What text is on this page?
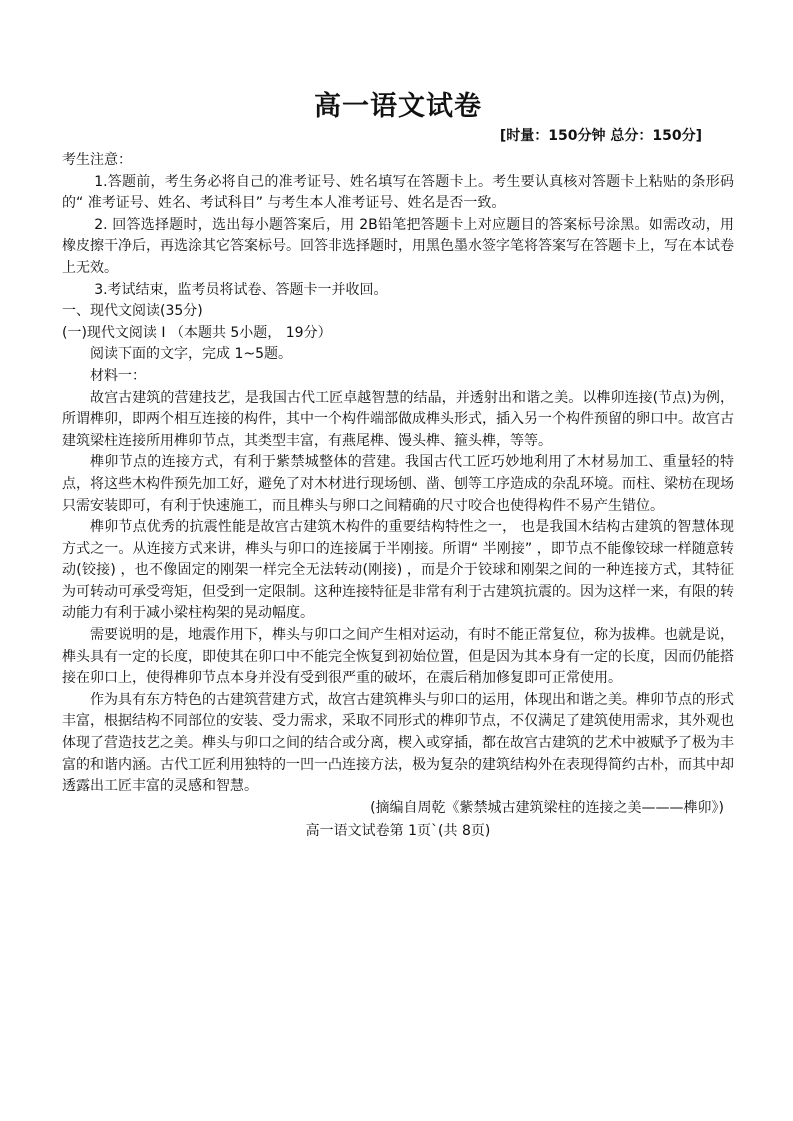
高一语文试卷
[时量：150分钟 总分：150分]

考生注意：

1.答题前，考生务必将自己的准考证号、姓名填写在答题卡上。考生要认真核对答题卡上粘贴的条形码的“ 准考证号、姓名、考试科目” 与考生本人准考证号、姓名是否一致。

2. 回答选择题时，选出每小题答案后，用 2B铅笔把答题卡上对应题目的答案标号涂黑。如需改动，用橡皮擦干净后，再选涂其它答案标号。回答非选择题时，用黑色墨水签字笔将答案写在答题卡上，写在本试卷上无效。

3.考试结束，监考员将试卷、答题卡一并收回。

一、现代文阅读(35分)

(一)现代文阅读 I （本题共 5小题， 19分）

阅读下面的文字，完成 1~5题。

材料一：

故宫古建筑的营建技艺，是我国古代工匠卓越智慧的结晶，并透射出和谐之美。以榫卯连接(节点)为例，所谓榫卯，即两个相互连接的构件，其中一个构件端部做成榫头形式，插入另一个构件预留的卵口中。故宫古建筑梁柱连接所用榫卯节点，其类型丰富，有燕尾榫、馒头榫、箍头榫，等等。

榫卯节点的连接方式，有利于紫禁城整体的营建。我国古代工匠巧妙地利用了木材易加工、重量轻的特点，将这些木构件预先加工好，避免了对木材进行现场刨、凿、刨等工序造成的杂乱环境。而柱、梁枋在现场只需安装即可，有利于快速施工，而且榫头与卵口之间精确的尺寸咬合也使得构件不易产生错位。

榫卯节点优秀的抗震性能是故宫古建筑木构件的重要结构特性之一， 也是我国木结构古建筑的智慧体现方式之一。从连接方式来讲，榫头与卯口的连接属于半刚接。所谓“ 半刚接” ，即节点不能像铰球一样随意转动(铰接) ，也不像固定的刚架一样完全无法转动(刚接) ，而是介于铰球和刚架之间的一种连接方式，其特征为可转动可承受弯矩，但受到一定限制。这种连接特征是非常有利于古建筑抗震的。因为这样一来，有限的转动能力有利于减小梁柱构架的晃动幅度。

需要说明的是，地震作用下，榫头与卯口之间产生相对运动，有时不能正常复位，称为拔榫。也就是说，榫头具有一定的长度，即使其在卯口中不能完全恢复到初始位置，但是因为其本身有一定的长度，因而仍能搭接在卯口上，使得榫卯节点本身并没有受到很严重的破坏，在震后稍加修复即可正常使用。

作为具有东方特色的古建筑营建方式，故宫古建筑榫头与卯口的运用，体现出和谐之美。榫卯节点的形式丰富，根据结构不同部位的安装、受力需求，采取不同形式的榫卯节点，不仅满足了建筑使用需求，其外观也体现了营造技艺之美。榫头与卯口之间的结合或分离，楔入或穿插，都在故宫古建筑的艺术中被赋予了极为丰富的和谐内涵。古代工匠利用独特的一凹一凸连接方法，极为复杂的建筑结构外在表现得简约古朴，而其中却透露出工匠丰富的灵感和智慧。

(摘编自周乾《紫禁城古建筑梁柱的连接之美———榫卯》)

高一语文试卷第 1页`(共 8页)
